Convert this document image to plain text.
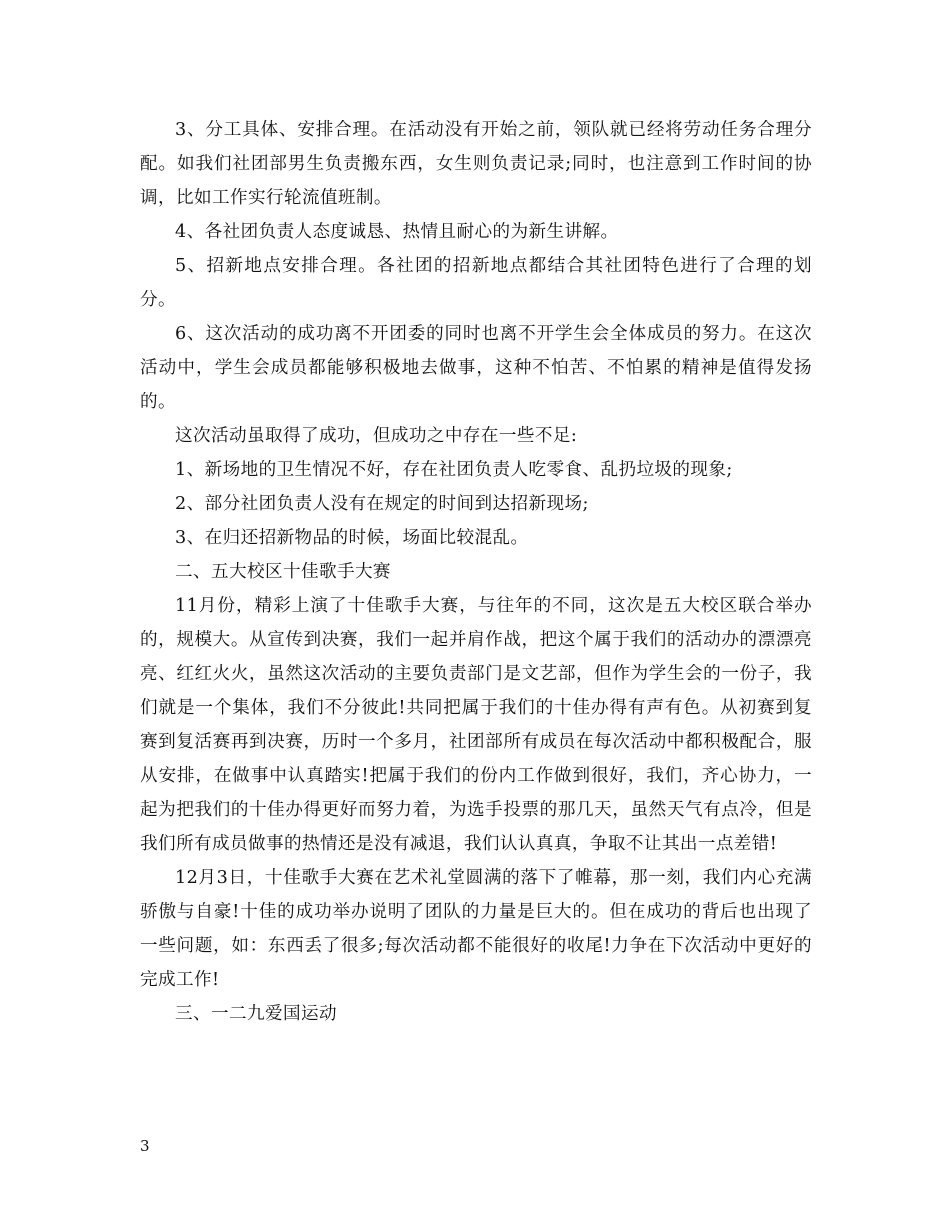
3、分工具体、安排合理。在活动没有开始之前，领队就已经将劳动任务合理分配。如我们社团部男生负责搬东西，女生则负责记录;同时，也注意到工作时间的协调，比如工作实行轮流值班制。

4、各社团负责人态度诚恳、热情且耐心的为新生讲解。

5、招新地点安排合理。各社团的招新地点都结合其社团特色进行了合理的划分。

6、这次活动的成功离不开团委的同时也离不开学生会全体成员的努力。在这次活动中，学生会成员都能够积极地去做事，这种不怕苦、不怕累的精神是值得发扬的。

这次活动虽取得了成功，但成功之中存在一些不足:

1、新场地的卫生情况不好，存在社团负责人吃零食、乱扔垃圾的现象;

2、部分社团负责人没有在规定的时间到达招新现场;

3、在归还招新物品的时候，场面比较混乱。

二、五大校区十佳歌手大赛

11月份，精彩上演了十佳歌手大赛，与往年的不同，这次是五大校区联合举办的，规模大。从宣传到决赛，我们一起并肩作战，把这个属于我们的活动办的漂漂亮亮、红红火火，虽然这次活动的主要负责部门是文艺部，但作为学生会的一份子，我们就是一个集体，我们不分彼此!共同把属于我们的十佳办得有声有色。从初赛到复赛到复活赛再到决赛，历时一个多月，社团部所有成员在每次活动中都积极配合，服从安排，在做事中认真踏实!把属于我们的份内工作做到很好，我们，齐心协力，一起为把我们的十佳办得更好而努力着，为选手投票的那几天，虽然天气有点冷，但是我们所有成员做事的热情还是没有减退，我们认认真真，争取不让其出一点差错!

12月3日，十佳歌手大赛在艺术礼堂圆满的落下了帷幕，那一刻，我们内心充满骄傲与自豪!十佳的成功举办说明了团队的力量是巨大的。但在成功的背后也出现了一些问题，如：东西丢了很多;每次活动都不能很好的收尾!力争在下次活动中更好的完成工作!

三、一二九爱国运动

3
